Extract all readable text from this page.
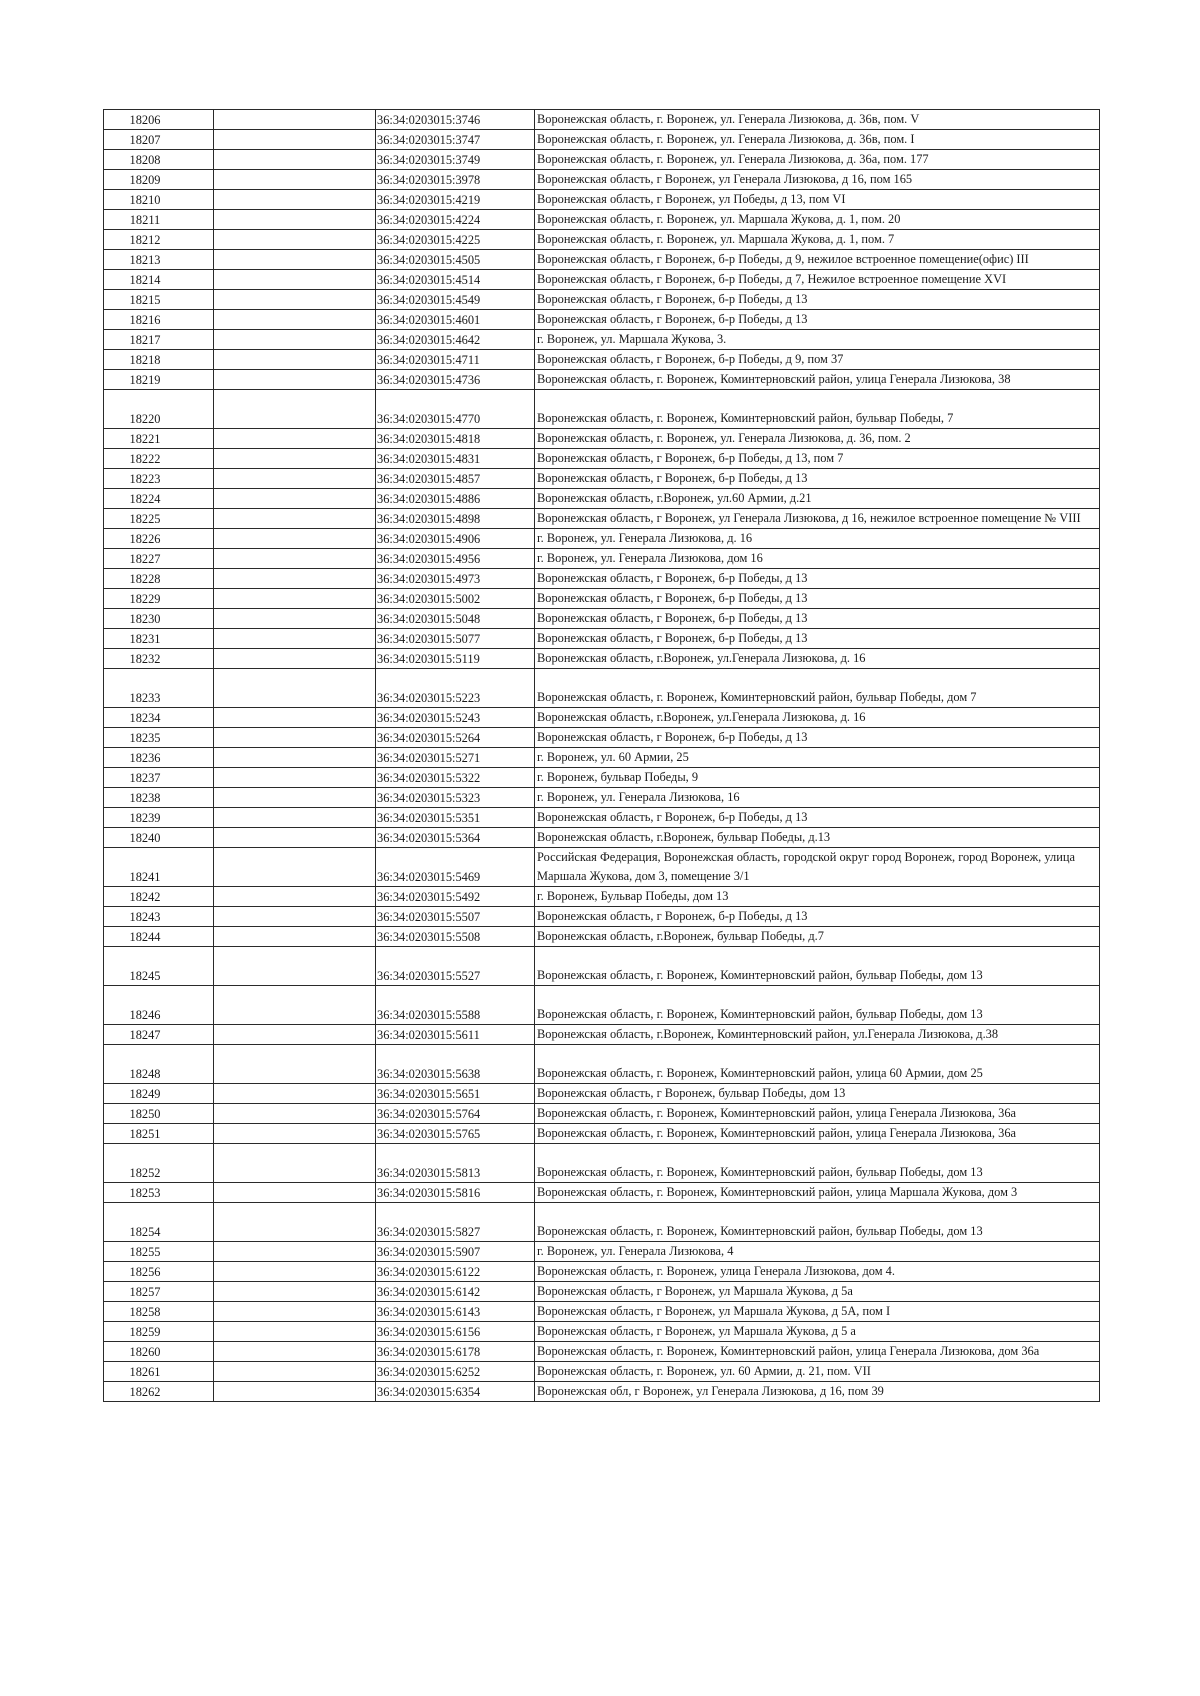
18206		36:34:0203015:3746	Воронежская область, г. Воронеж, ул. Генерала Лизюкова, д. 36в, пом. V
18207		36:34:0203015:3747	Воронежская область, г. Воронеж, ул. Генерала Лизюкова, д. 36в, пом. I
18208		36:34:0203015:3749	Воронежская область, г. Воронеж, ул. Генерала Лизюкова, д. 36а, пом. 177
18209		36:34:0203015:3978	Воронежская область, г Воронеж, ул Генерала Лизюкова, д 16, пом 165
18210		36:34:0203015:4219	Воронежская область, г Воронеж, ул Победы, д 13, пом VI
18211		36:34:0203015:4224	Воронежская область, г. Воронеж, ул. Маршала Жукова, д. 1, пом. 20
18212		36:34:0203015:4225	Воронежская область, г. Воронеж, ул. Маршала Жукова, д. 1, пом. 7
18213		36:34:0203015:4505	Воронежская область, г Воронеж, б-р Победы, д 9, нежилое встроенное помещение(офис) III
18214		36:34:0203015:4514	Воронежская область, г Воронеж, б-р Победы, д 7, Нежилое встроенное помещение XVI
18215		36:34:0203015:4549	Воронежская область, г Воронеж, б-р Победы, д 13
18216		36:34:0203015:4601	Воронежская область, г Воронеж, б-р Победы, д 13
18217		36:34:0203015:4642	г. Воронеж, ул. Маршала Жукова, 3.
18218		36:34:0203015:4711	Воронежская область, г Воронеж, б-р Победы, д 9, пом 37
18219		36:34:0203015:4736	Воронежская область, г. Воронеж, Коминтерновский район, улица Генерала Лизюкова, 38
18220		36:34:0203015:4770	Воронежская область, г. Воронеж, Коминтерновский район, бульвар Победы, 7
18221		36:34:0203015:4818	Воронежская область, г. Воронеж, ул. Генерала Лизюкова, д. 36, пом. 2
18222		36:34:0203015:4831	Воронежская область, г Воронеж, б-р Победы, д 13, пом 7
18223		36:34:0203015:4857	Воронежская область, г Воронеж, б-р Победы, д 13
18224		36:34:0203015:4886	Воронежская область, г.Воронеж, ул.60 Армии, д.21
18225		36:34:0203015:4898	Воронежская область, г Воронеж, ул Генерала Лизюкова, д 16, нежилое встроенное помещение № VIII
18226		36:34:0203015:4906	г. Воронеж, ул. Генерала Лизюкова, д. 16
18227		36:34:0203015:4956	г. Воронеж, ул. Генерала Лизюкова, дом 16
18228		36:34:0203015:4973	Воронежская область, г Воронеж, б-р Победы, д 13
18229		36:34:0203015:5002	Воронежская область, г Воронеж, б-р Победы, д 13
18230		36:34:0203015:5048	Воронежская область, г Воронеж, б-р Победы, д 13
18231		36:34:0203015:5077	Воронежская область, г Воронеж, б-р Победы, д 13
18232		36:34:0203015:5119	Воронежская область, г.Воронеж, ул.Генерала Лизюкова, д. 16
18233		36:34:0203015:5223	Воронежская область, г. Воронеж, Коминтерновский район, бульвар Победы, дом 7
18234		36:34:0203015:5243	Воронежская область, г.Воронеж, ул.Генерала Лизюкова, д. 16
18235		36:34:0203015:5264	Воронежская область, г Воронеж, б-р Победы, д 13
18236		36:34:0203015:5271	г. Воронеж, ул. 60 Армии, 25
18237		36:34:0203015:5322	г. Воронеж, бульвар Победы, 9
18238		36:34:0203015:5323	г. Воронеж, ул. Генерала Лизюкова, 16
18239		36:34:0203015:5351	Воронежская область, г Воронеж, б-р Победы, д 13
18240		36:34:0203015:5364	Воронежская область, г.Воронеж, бульвар Победы, д.13
18241		36:34:0203015:5469	Российская Федерация, Воронежская область, городской округ город Воронеж, город Воронеж, улица Маршала Жукова, дом 3, помещение 3/1
18242		36:34:0203015:5492	г. Воронеж, Бульвар Победы, дом 13
18243		36:34:0203015:5507	Воронежская область, г Воронеж, б-р Победы, д 13
18244		36:34:0203015:5508	Воронежская область, г.Воронеж, бульвар Победы, д.7
18245		36:34:0203015:5527	Воронежская область, г. Воронеж, Коминтерновский район, бульвар Победы, дом 13
18246		36:34:0203015:5588	Воронежская область, г. Воронеж, Коминтерновский район, бульвар Победы, дом 13
18247		36:34:0203015:5611	Воронежская область, г.Воронеж, Коминтерновский район, ул.Генерала Лизюкова, д.38
18248		36:34:0203015:5638	Воронежская область, г. Воронеж, Коминтерновский район, улица 60 Армии, дом 25
18249		36:34:0203015:5651	Воронежская область, г Воронеж, бульвар Победы, дом 13
18250		36:34:0203015:5764	Воронежская область, г. Воронеж, Коминтерновский район, улица Генерала Лизюкова, 36а
18251		36:34:0203015:5765	Воронежская область, г. Воронеж, Коминтерновский район, улица Генерала Лизюкова, 36а
18252		36:34:0203015:5813	Воронежская область, г. Воронеж, Коминтерновский район, бульвар Победы, дом 13
18253		36:34:0203015:5816	Воронежская область, г. Воронеж, Коминтерновский район, улица Маршала Жукова, дом 3
18254		36:34:0203015:5827	Воронежская область, г. Воронеж, Коминтерновский район, бульвар Победы, дом 13
18255		36:34:0203015:5907	г. Воронеж, ул. Генерала Лизюкова, 4
18256		36:34:0203015:6122	Воронежская область, г. Воронеж, улица Генерала Лизюкова, дом 4.
18257		36:34:0203015:6142	Воронежская область, г Воронеж, ул Маршала Жукова, д 5а
18258		36:34:0203015:6143	Воронежская область, г Воронеж, ул Маршала Жукова, д 5А, пом I
18259		36:34:0203015:6156	Воронежская область, г Воронеж, ул Маршала Жукова, д 5 а
18260		36:34:0203015:6178	Воронежская область, г. Воронеж, Коминтерновский район, улица Генерала Лизюкова, дом 36а
18261		36:34:0203015:6252	Воронежская область, г. Воронеж, ул. 60 Армии, д. 21, пом. VII
18262		36:34:0203015:6354	Воронежская обл, г Воронеж, ул Генерала Лизюкова, д 16, пом 39
